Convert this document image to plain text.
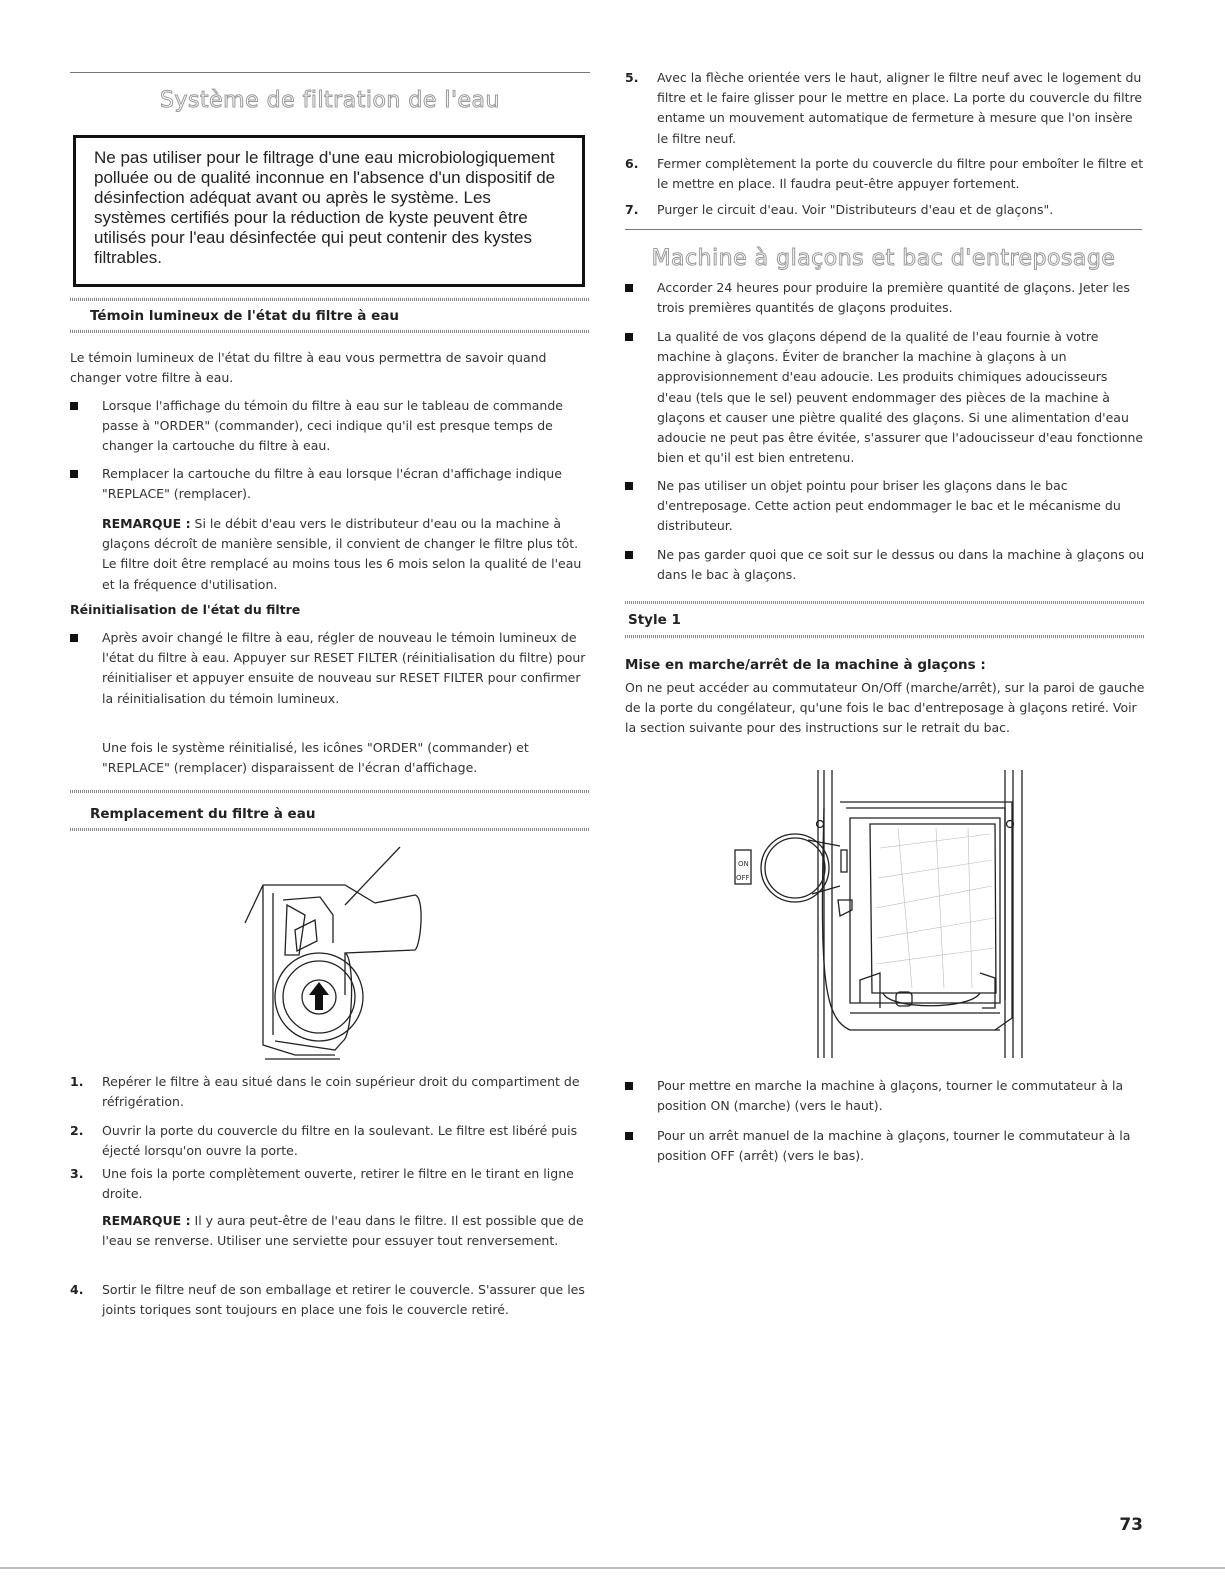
Système de filtration de l'eau
Ne pas utiliser pour le filtrage d'une eau microbiologiquement polluée ou de qualité inconnue en l'absence d'un dispositif de désinfection adéquat avant ou après le système. Les systèmes certifiés pour la réduction de kyste peuvent être utilisés pour l'eau désinfectée qui peut contenir des kystes filtrables.
Témoin lumineux de l'état du filtre à eau

Le témoin lumineux de l'état du filtre à eau vous permettra de savoir quand changer votre filtre à eau.

Lorsque l'affichage du témoin du filtre à eau sur le tableau de commande passe à "ORDER" (commander), ceci indique qu'il est presque temps de changer la cartouche du filtre à eau.
Remplacer la cartouche du filtre à eau lorsque l'écran d'affichage indique "REPLACE" (remplacer).

REMARQUE : Si le débit d'eau vers le distributeur d'eau ou la machine à glaçons décroît de manière sensible, il convient de changer le filtre plus tôt. Le filtre doit être remplacé au moins tous les 6 mois selon la qualité de l'eau et la fréquence d'utilisation.

Réinitialisation de l'état du filtre
Après avoir changé le filtre à eau, régler de nouveau le témoin lumineux de l'état du filtre à eau. Appuyer sur RESET FILTER (réinitialisation du filtre) pour réinitialiser et appuyer ensuite de nouveau sur RESET FILTER pour confirmer la réinitialisation du témoin lumineux.

Une fois le système réinitialisé, les icônes "ORDER" (commander) et "REPLACE" (remplacer) disparaissent de l'écran d'affichage.

Remplacement du filtre à eau
1. Repérer le filtre à eau situé dans le coin supérieur droit du compartiment de réfrigération.
2. Ouvrir la porte du couvercle du filtre en la soulevant. Le filtre est libéré puis éjecté lorsqu'on ouvre la porte.
3. Une fois la porte complètement ouverte, retirer le filtre en le tirant en ligne droite.

REMARQUE : Il y aura peut-être de l'eau dans le filtre. Il est possible que de l'eau se renverse. Utiliser une serviette pour essuyer tout renversement.

4. Sortir le filtre neuf de son emballage et retirer le couvercle. S'assurer que les joints toriques sont toujours en place une fois le couvercle retiré.
5. Avec la flèche orientée vers le haut, aligner le filtre neuf avec le logement du filtre et le faire glisser pour le mettre en place. La porte du couvercle du filtre entame un mouvement automatique de fermeture à mesure que l'on insère le filtre neuf.
6. Fermer complètement la porte du couvercle du filtre pour emboîter le filtre et le mettre en place. Il faudra peut-être appuyer fortement.
7. Purger le circuit d'eau. Voir "Distributeurs d'eau et de glaçons".
Machine à glaçons et bac d'entreposage
Accorder 24 heures pour produire la première quantité de glaçons. Jeter les trois premières quantités de glaçons produites.
La qualité de vos glaçons dépend de la qualité de l'eau fournie à votre machine à glaçons. Éviter de brancher la machine à glaçons à un approvisionnement d'eau adoucie. Les produits chimiques adoucisseurs d'eau (tels que le sel) peuvent endommager des pièces de la machine à glaçons et causer une piètre qualité des glaçons. Si une alimentation d'eau adoucie ne peut pas être évitée, s'assurer que l'adoucisseur d'eau fonctionne bien et qu'il est bien entretenu.
Ne pas utiliser un objet pointu pour briser les glaçons dans le bac d'entreposage. Cette action peut endommager le bac et le mécanisme du distributeur.
Ne pas garder quoi que ce soit sur le dessus ou dans la machine à glaçons ou dans le bac à glaçons.
Style 1
Mise en marche/arrêt de la machine à glaçons :

On ne peut accéder au commutateur On/Off (marche/arrêt), sur la paroi de gauche de la porte du congélateur, qu'une fois le bac d'entreposage à glaçons retiré. Voir la section suivante pour des instructions sur le retrait du bac.

ON
OFF
Pour mettre en marche la machine à glaçons, tourner le commutateur à la position ON (marche) (vers le haut).
Pour un arrêt manuel de la machine à glaçons, tourner le commutateur à la position OFF (arrêt) (vers le bas).
73
